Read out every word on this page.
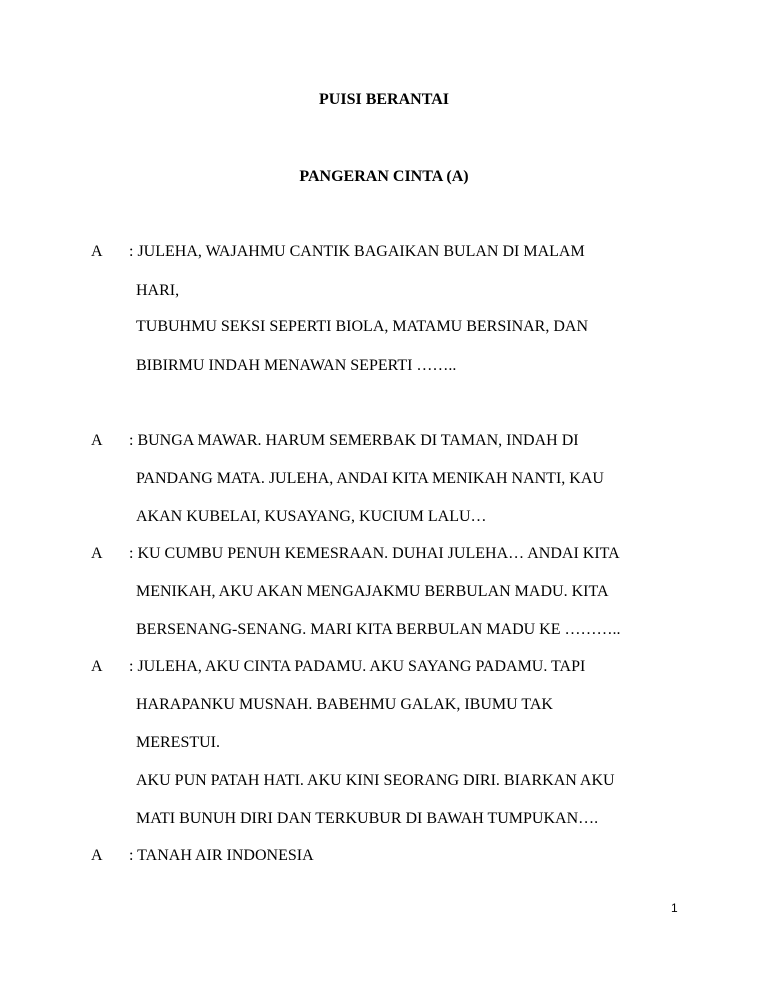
PUISI BERANTAI
PANGERAN CINTA (A)
A : JULEHA, WAJAHMU CANTIK BAGAIKAN BULAN DI MALAM
HARI,
TUBUHMU SEKSI SEPERTI BIOLA, MATAMU BERSINAR, DAN
BIBIRMU INDAH MENAWAN SEPERTI ……..
A : BUNGA MAWAR. HARUM SEMERBAK DI TAMAN, INDAH DI
PANDANG MATA. JULEHA, ANDAI KITA MENIKAH NANTI, KAU
AKAN KUBELAI, KUSAYANG, KUCIUM LALU…
A : KU CUMBU PENUH KEMESRAAN. DUHAI JULEHA… ANDAI KITA
MENIKAH, AKU AKAN MENGAJAKMU BERBULAN MADU. KITA
BERSENANG-SENANG. MARI KITA BERBULAN MADU KE ………..
A : JULEHA, AKU CINTA PADAMU. AKU SAYANG PADAMU. TAPI
HARAPANKU MUSNAH. BABEHMU GALAK, IBUMU TAK
MERESTUI.
AKU PUN PATAH HATI. AKU KINI SEORANG DIRI. BIARKAN AKU
MATI BUNUH DIRI DAN TERKUBUR DI BAWAH TUMPUKAN….
A : TANAH AIR INDONESIA
1
